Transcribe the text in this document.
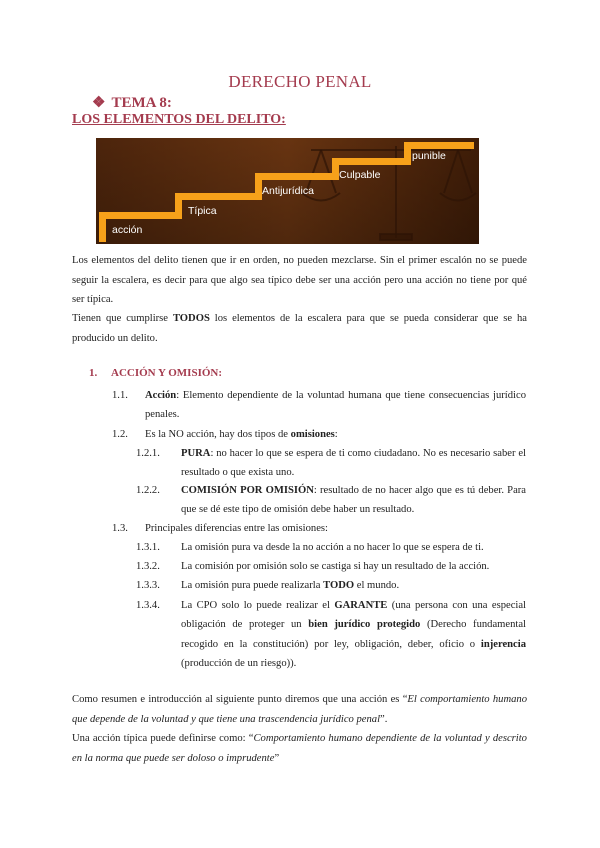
DERECHO PENAL
❖ TEMA 8:
LOS ELEMENTOS DEL DELITO:
acción
Típica
Antijurídica
Culpable
punible
Los elementos del delito tienen que ir en orden, no pueden mezclarse. Sin el primer escalón no se puede seguir la escalera, es decir para que algo sea típico debe ser una acción pero una acción no tiene por qué ser típica.
Tienen que cumplirse TODOS los elementos de la escalera para que se pueda considerar que se ha producido un delito.
1. ACCIÓN Y OMISIÓN:
1.1. Acción: Elemento dependiente de la voluntad humana que tiene consecuencias jurídico penales.
1.2. Es la NO acción, hay dos tipos de omisiones:
1.2.1. PURA: no hacer lo que se espera de ti como ciudadano. No es necesario saber el resultado o que exista uno.
1.2.2. COMISIÓN POR OMISIÓN: resultado de no hacer algo que es tú deber. Para que se dé este tipo de omisión debe haber un resultado.
1.3. Principales diferencias entre las omisiones:
1.3.1. La omisión pura va desde la no acción a no hacer lo que se espera de ti.
1.3.2. La comisión por omisión solo se castiga si hay un resultado de la acción.
1.3.3. La omisión pura puede realizarla TODO el mundo.
1.3.4. La CPO solo lo puede realizar el GARANTE (una persona con una especial obligación de proteger un bien jurídico protegido (Derecho fundamental recogido en la constitución) por ley, obligación, deber, oficio o injerencia (producción de un riesgo)).
Como resumen e introducción al siguiente punto diremos que una acción es “El comportamiento humano que depende de la voluntad y que tiene una trascendencia jurídico penal”.
Una acción típica puede definirse como: “Comportamiento humano dependiente de la voluntad y descrito en la norma que puede ser doloso o imprudente”
